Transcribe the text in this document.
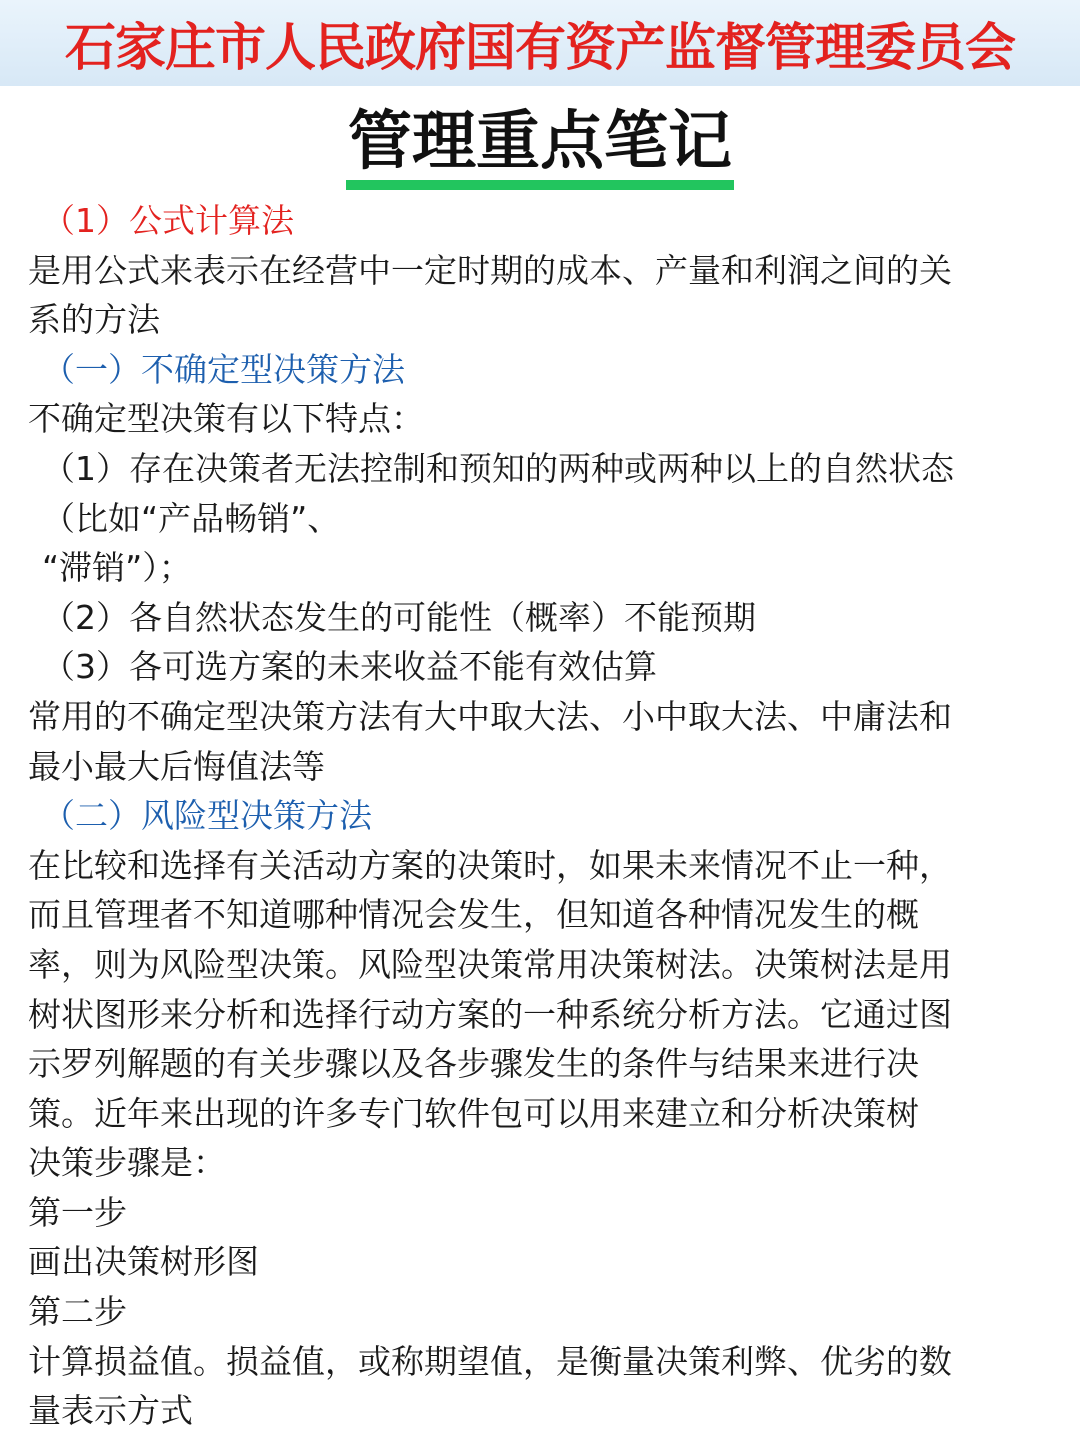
石家庄市人民政府国有资产监督管理委员会
管理重点笔记
（1）公式计算法
是用公式来表示在经营中一定时期的成本、产量和利润之间的关
系的方法
（一）不确定型决策方法
不确定型决策有以下特点：
（1）存在决策者无法控制和预知的两种或两种以上的自然状态
（比如“产品畅销”、
“滞销”）；
（2）各自然状态发生的可能性（概率）不能预期
（3）各可选方案的未来收益不能有效估算
常用的不确定型决策方法有大中取大法、小中取大法、中庸法和
最小最大后悔值法等
（二）风险型决策方法
在比较和选择有关活动方案的决策时，如果未来情况不止一种，
而且管理者不知道哪种情况会发生，但知道各种情况发生的概
率，则为风险型决策。风险型决策常用决策树法。决策树法是用
树状图形来分析和选择行动方案的一种系统分析方法。它通过图
示罗列解题的有关步骤以及各步骤发生的条件与结果来进行决
策。近年来出现的许多专门软件包可以用来建立和分析决策树
决策步骤是：
第一步
画出决策树形图
第二步
计算损益值。损益值，或称期望值，是衡量决策利弊、优劣的数
量表示方式
